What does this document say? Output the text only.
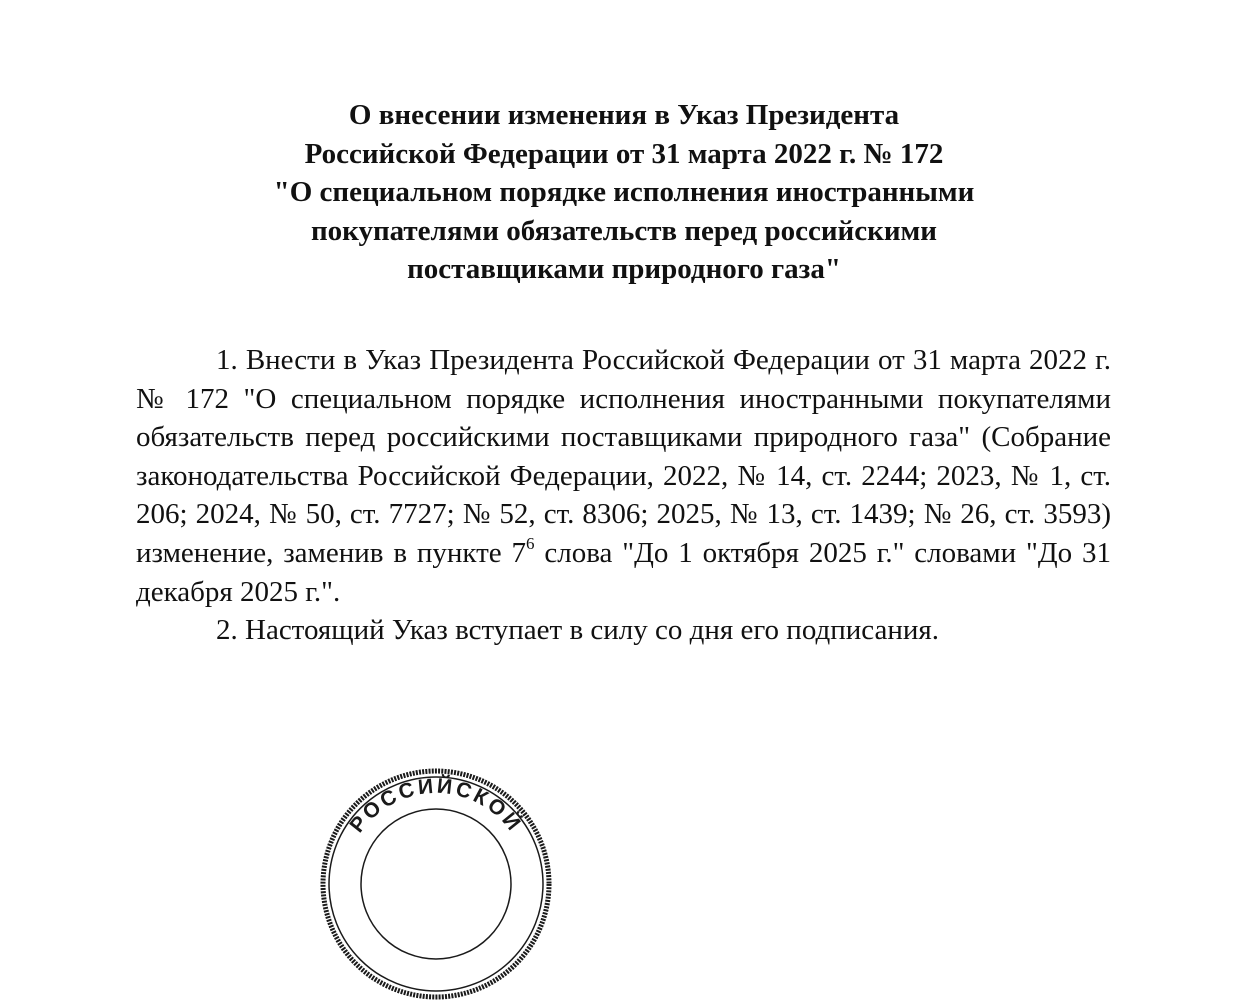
О внесении изменения в Указ Президента
Российской Федерации от 31 марта 2022 г. № 172
"О специальном порядке исполнения иностранными
покупателями обязательств перед российскими
поставщиками природного газа"

1. Внести в Указ Президента Российской Федерации от 31 марта 2022 г. № 172 "О специальном порядке исполнения иностранными покупателями обязательств перед российскими поставщиками природного газа" (Собрание законодательства Российской Федерации, 2022, № 14, ст. 2244; 2023, № 1, ст. 206; 2024, № 50, ст. 7727; № 52, ст. 8306; 2025, № 13, ст. 1439; № 26, ст. 3593) изменение, заменив в пункте $7^6$ слова "До 1 октября 2025 г." словами "До 31 декабря 2025 г.".

2. Настоящий Указ вступает в силу со дня его подписания.

РОССИЙСКОЙ
